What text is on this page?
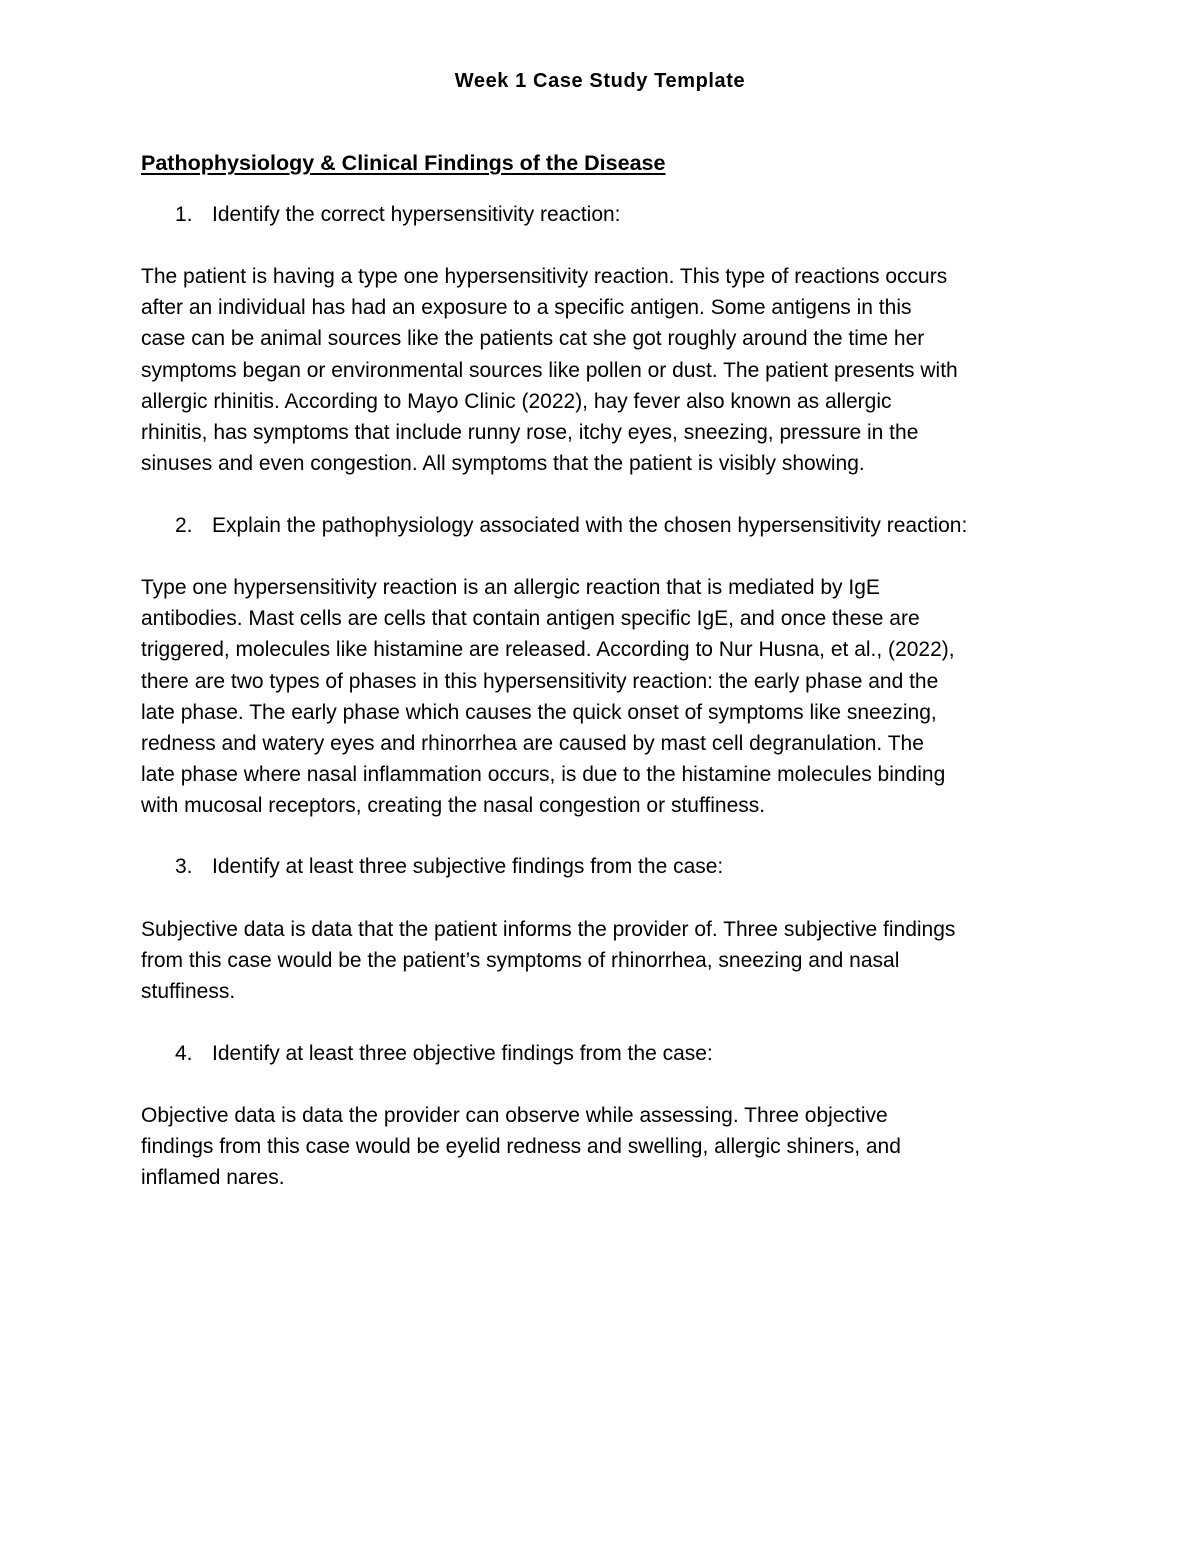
Week 1 Case Study Template
Pathophysiology & Clinical Findings of the Disease

1. Identify the correct hypersensitivity reaction:

The patient is having a type one hypersensitivity reaction. This type of reactions occurs
after an individual has had an exposure to a specific antigen. Some antigens in this
case can be animal sources like the patients cat she got roughly around the time her
symptoms began or environmental sources like pollen or dust. The patient presents with
allergic rhinitis. According to Mayo Clinic (2022), hay fever also known as allergic
rhinitis, has symptoms that include runny rose, itchy eyes, sneezing, pressure in the
sinuses and even congestion. All symptoms that the patient is visibly showing.

2. Explain the pathophysiology associated with the chosen hypersensitivity reaction:

Type one hypersensitivity reaction is an allergic reaction that is mediated by IgE
antibodies. Mast cells are cells that contain antigen specific IgE, and once these are
triggered, molecules like histamine are released. According to Nur Husna, et al., (2022),
there are two types of phases in this hypersensitivity reaction: the early phase and the
late phase. The early phase which causes the quick onset of symptoms like sneezing,
redness and watery eyes and rhinorrhea are caused by mast cell degranulation. The
late phase where nasal inflammation occurs, is due to the histamine molecules binding
with mucosal receptors, creating the nasal congestion or stuffiness.

3. Identify at least three subjective findings from the case:

Subjective data is data that the patient informs the provider of. Three subjective findings
from this case would be the patient’s symptoms of rhinorrhea, sneezing and nasal
stuffiness.

4. Identify at least three objective findings from the case:

Objective data is data the provider can observe while assessing. Three objective
findings from this case would be eyelid redness and swelling, allergic shiners, and
inflamed nares.
